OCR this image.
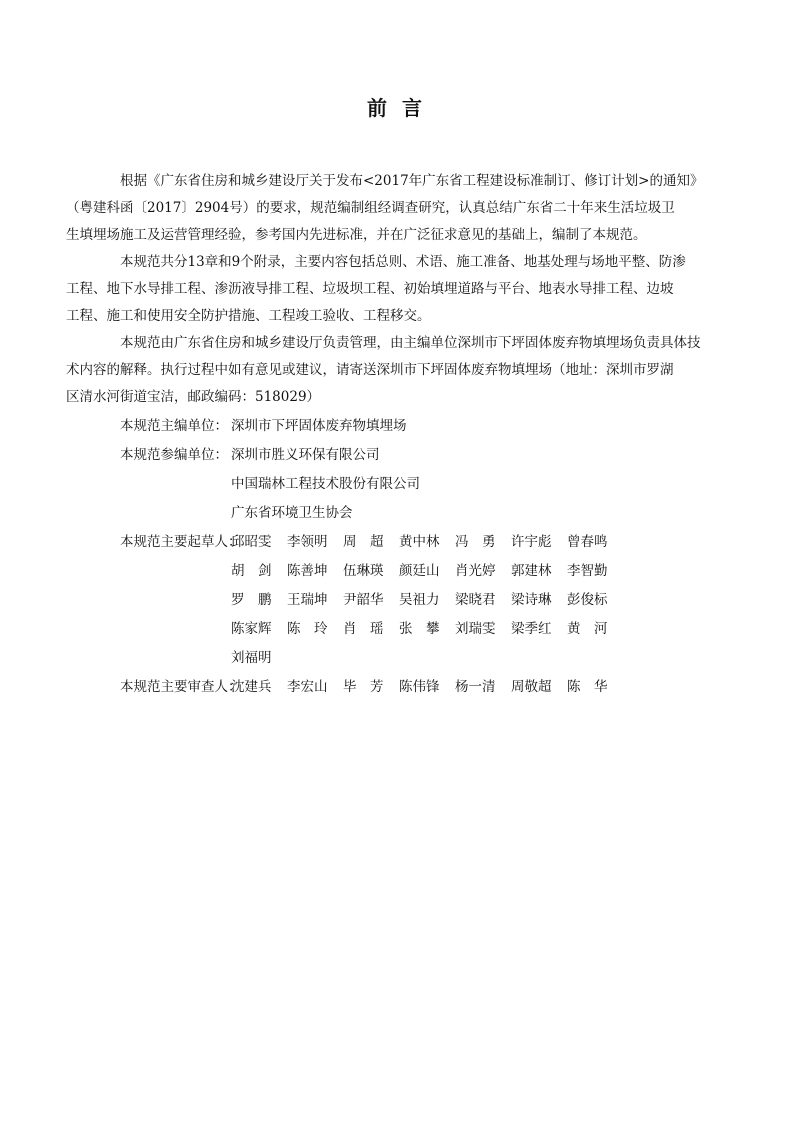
前 言

根据《广东省住房和城乡建设厅关于发布<2017年广东省工程建设标准制订、修订计划>的通知》
（粤建科函〔2017〕2904号）的要求，规范编制组经调查研究，认真总结广东省二十年来生活垃圾卫
生填埋场施工及运营管理经验，参考国内先进标准，并在广泛征求意见的基础上，编制了本规范。

本规范共分13章和9个附录，主要内容包括总则、术语、施工准备、地基处理与场地平整、防渗
工程、地下水导排工程、渗沥液导排工程、垃圾坝工程、初始填埋道路与平台、地表水导排工程、边坡
工程、施工和使用安全防护措施、工程竣工验收、工程移交。

本规范由广东省住房和城乡建设厅负责管理，由主编单位深圳市下坪固体废弃物填埋场负责具体技
术内容的解释。执行过程中如有意见或建议，请寄送深圳市下坪固体废弃物填埋场（地址：深圳市罗湖
区清水河街道宝洁，邮政编码：518029）

本规范主编单位： 深圳市下坪固体废弃物填埋场
本规范参编单位： 深圳市胜义环保有限公司
中国瑞林工程技术股份有限公司
广东省环境卫生协会
本规范主要起草人：
邱昭雯	李领明	周　超	黄中林	冯　勇	许宇彪	曾春鸣
胡　剑	陈善坤	伍琳瑛	颜廷山	肖光婷	郭建林	李智勤
罗　鹏	王瑞坤	尹韶华	吴祖力	梁晓君	梁诗琳	彭俊标
陈家辉	陈　玲	肖　瑶	张　攀	刘瑞雯	梁季红	黄　河
刘福明
本规范主要审查人：
沈建兵	李宏山	毕　芳	陈伟锋	杨一清	周敬超	陈　华
